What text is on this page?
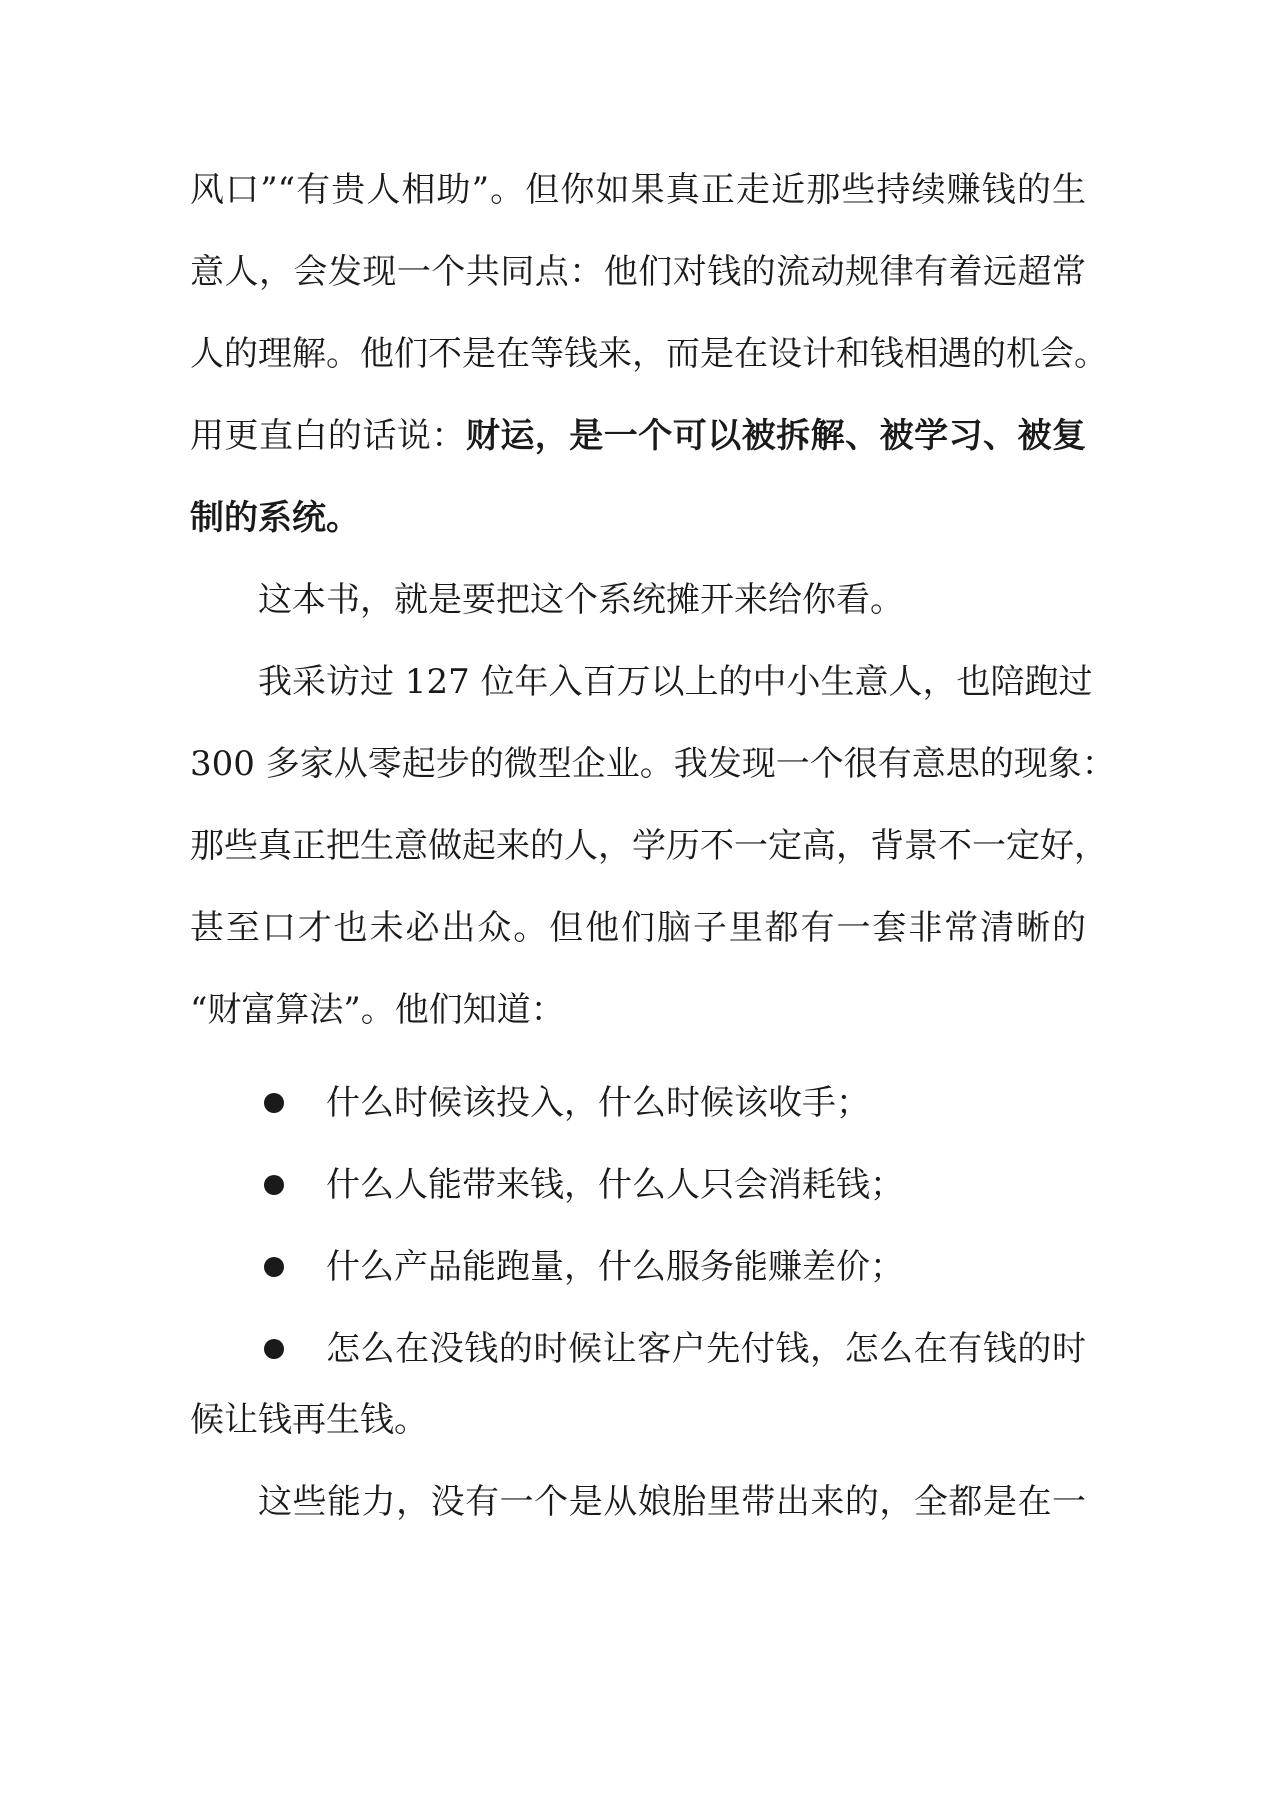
风口”“有贵人相助”。但你如果真正走近那些持续赚钱的生
意人，会发现一个共同点：他们对钱的流动规律有着远超常
人的理解。他们不是在等钱来，而是在设计和钱相遇的机会。
用更直白的话说：财运，是一个可以被拆解、被学习、被复
制的系统。
这本书，就是要把这个系统摊开来给你看。
我采访过 127 位年入百万以上的中小生意人，也陪跑过
300 多家从零起步的微型企业。我发现一个很有意思的现象：
那些真正把生意做起来的人，学历不一定高，背景不一定好，
甚至口才也未必出众。但他们脑子里都有一套非常清晰的
“财富算法”。他们知道：
什么时候该投入，什么时候该收手；
什么人能带来钱，什么人只会消耗钱；
什么产品能跑量，什么服务能赚差价；
怎么在没钱的时候让客户先付钱，怎么在有钱的时
候让钱再生钱。
这些能力，没有一个是从娘胎里带出来的，全都是在一
